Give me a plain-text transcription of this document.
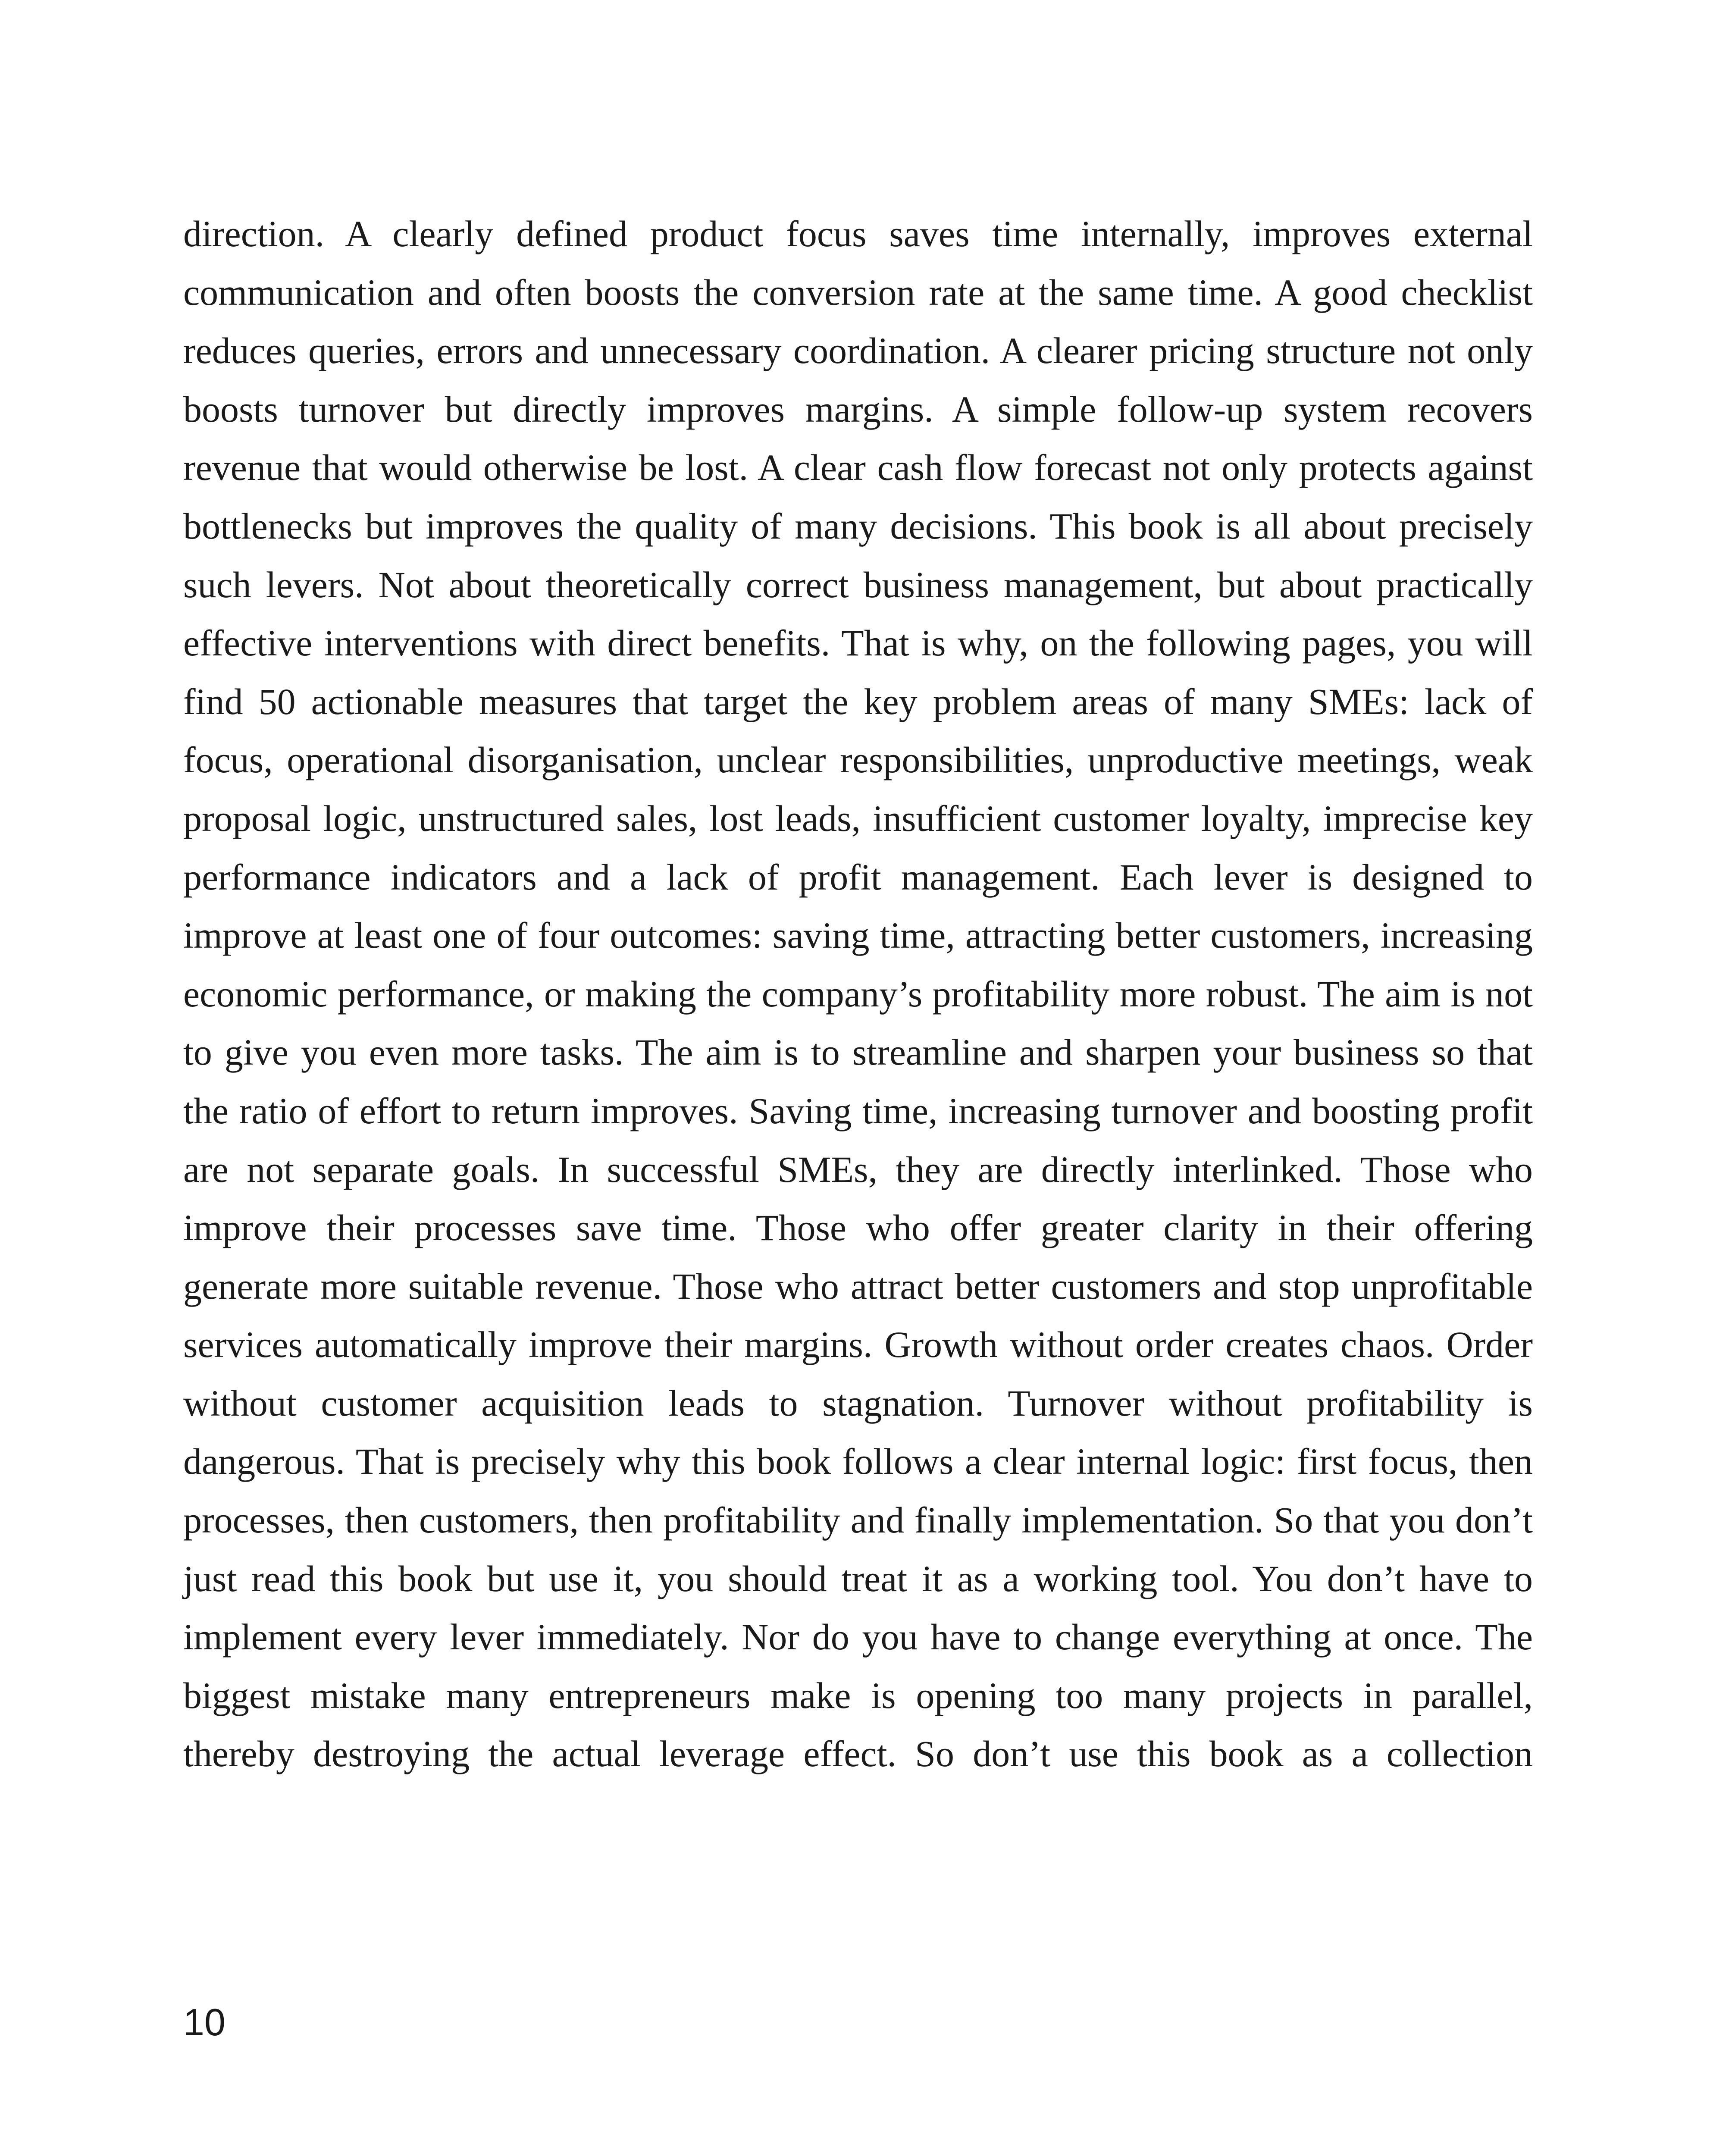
direction. A clearly defined product focus saves time internally, improves external communication and often boosts the conversion rate at the same time. A good checklist reduces queries, errors and unnecessary coordination. A clearer pricing structure not only boosts turnover but directly improves margins. A simple follow-up system recovers revenue that would otherwise be lost. A clear cash flow forecast not only protects against bottlenecks but improves the quality of many decisions. This book is all about precisely such levers. Not about theoretically correct business management, but about practically effective interventions with direct benefits. That is why, on the following pages, you will find 50 actionable measures that target the key problem areas of many SMEs: lack of focus, operational disorganisation, unclear responsibilities, unproductive meetings, weak proposal logic, unstructured sales, lost leads, insufficient customer loyalty, imprecise key performance indicators and a lack of profit management. Each lever is designed to improve at least one of four outcomes: saving time, attracting better customers, increasing economic performance, or making the company’s profitability more robust. The aim is not to give you even more tasks. The aim is to streamline and sharpen your business so that the ratio of effort to return improves. Saving time, increasing turnover and boosting profit are not separate goals. In successful SMEs, they are directly interlinked. Those who improve their processes save time. Those who offer greater clarity in their offering generate more suitable revenue. Those who attract better customers and stop unprofitable services automatically improve their margins. Growth without order creates chaos. Order without customer acquisition leads to stagnation. Turnover without profitability is dangerous. That is precisely why this book follows a clear internal logic: first focus, then processes, then customers, then profitability and finally implementation. So that you don’t just read this book but use it, you should treat it as a working tool. You don’t have to implement every lever immediately. Nor do you have to change everything at once. The biggest mistake many entrepreneurs make is opening too many projects in parallel, thereby destroying the actual leverage effect. So don’t use this book as a collection

10
